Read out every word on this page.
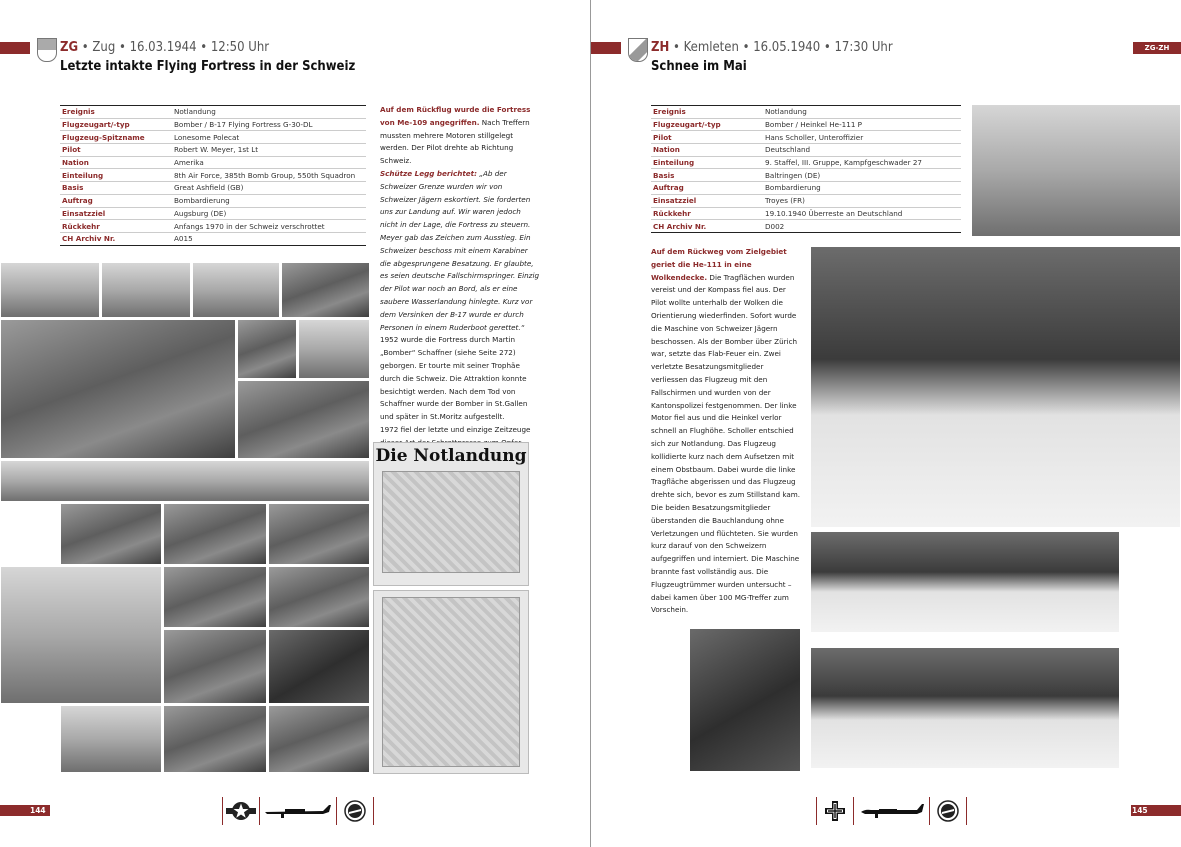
ZG • Zug • 16.03.1944 • 12:50 Uhr
Letzte intakte Flying Fortress in der Schweiz
Ereignis	Notlandung
Flugzeugart/-typ	Bomber / B-17 Flying Fortress G-30-DL
Flugzeug-Spitzname	Lonesome Polecat
Pilot	Robert W. Meyer, 1st Lt
Nation	Amerika
Einteilung	8th Air Force, 385th Bomb Group, 550th Squadron
Basis	Great Ashfield (GB)
Auftrag	Bombardierung
Einsatzziel	Augsburg (DE)
Rückkehr	Anfangs 1970 in der Schweiz verschrottet
CH Archiv Nr.	A015
Auf dem Rückflug wurde die Fortress von Me-109 angegriffen. Nach Treffern mussten mehrere Motoren stillgelegt werden. Der Pilot drehte ab Richtung Schweiz.
Schütze Legg berichtet: „Ab der Schweizer Grenze wurden wir von Schweizer Jägern eskortiert. Sie forderten uns zur Landung auf. Wir waren jedoch nicht in der Lage, die Fortress zu steuern. Meyer gab das Zeichen zum Ausstieg. Ein Schweizer beschoss mit einem Karabiner die abgesprungene Besatzung. Er glaubte, es seien deutsche Fallschirmspringer. Einzig der Pilot war noch an Bord, als er eine saubere Wasserlandung hinlegte. Kurz vor dem Versinken der B-17 wurde er durch Personen in einem Ruderboot gerettet.“
1952 wurde die Fortress durch Martin „Bomber“ Schaffner (siehe Seite 272) geborgen. Er tourte mit seiner Trophäe durch die Schweiz. Die Attraktion konnte besichtigt werden. Nach dem Tod von Schaffner wurde der Bomber in St.Gallen und später in St.Moritz aufgestellt.
1972 fiel der letzte und einzige Zeitzeuge
Die Notlandung
144
ZH • Kemleten • 16.05.1940 • 17:30 Uhr
Schnee im Mai
ZG-ZH
Ereignis	Notlandung
Flugzeugart/-typ	Bomber / Heinkel He-111 P
Pilot	Hans Scholler, Unteroffizier
Nation	Deutschland
Einteilung	9. Staffel, III. Gruppe, Kampfgeschwader 27
Basis	Baltringen (DE)
Auftrag	Bombardierung
Einsatzziel	Troyes (FR)
Rückkehr	19.10.1940 Überreste an Deutschland
CH Archiv Nr.	D002
Auf dem Rückweg vom Zielgebiet geriet die He-111 in eine Wolkendecke. Die Tragflächen wurden vereist und der Kompass fiel aus. Der Pilot wollte unterhalb der Wolken die Orientierung wiederfinden. Sofort wurde die Maschine von Schweizer Jägern beschossen. Als der Bomber über Zürich war, setzte das Flab-Feuer ein. Zwei verletzte Besatzungsmitglieder verliessen das Flugzeug mit den Fallschirmen und wurden von der Kantonspolizei festgenommen. Der linke Motor fiel aus und die Heinkel verlor schnell an Flughöhe. Scholler entschied sich zur Notlandung. Das Flugzeug kollidierte kurz nach dem Aufsetzen mit einem Obstbaum. Dabei wurde die linke Tragfläche abgerissen und das Flugzeug drehte sich, bevor es zum Stillstand kam. Die beiden Besatzungsmitglieder überstanden die Bauchlandung ohne Verletzungen und flüchteten. Sie wurden kurz darauf von den Schweizern aufgegriffen und interniert. Die Maschine brannte fast vollständig aus. Die Flugzeugtrümmer wurden untersucht – dabei kamen über 100 MG-Treffer zum Vorschein.
145
